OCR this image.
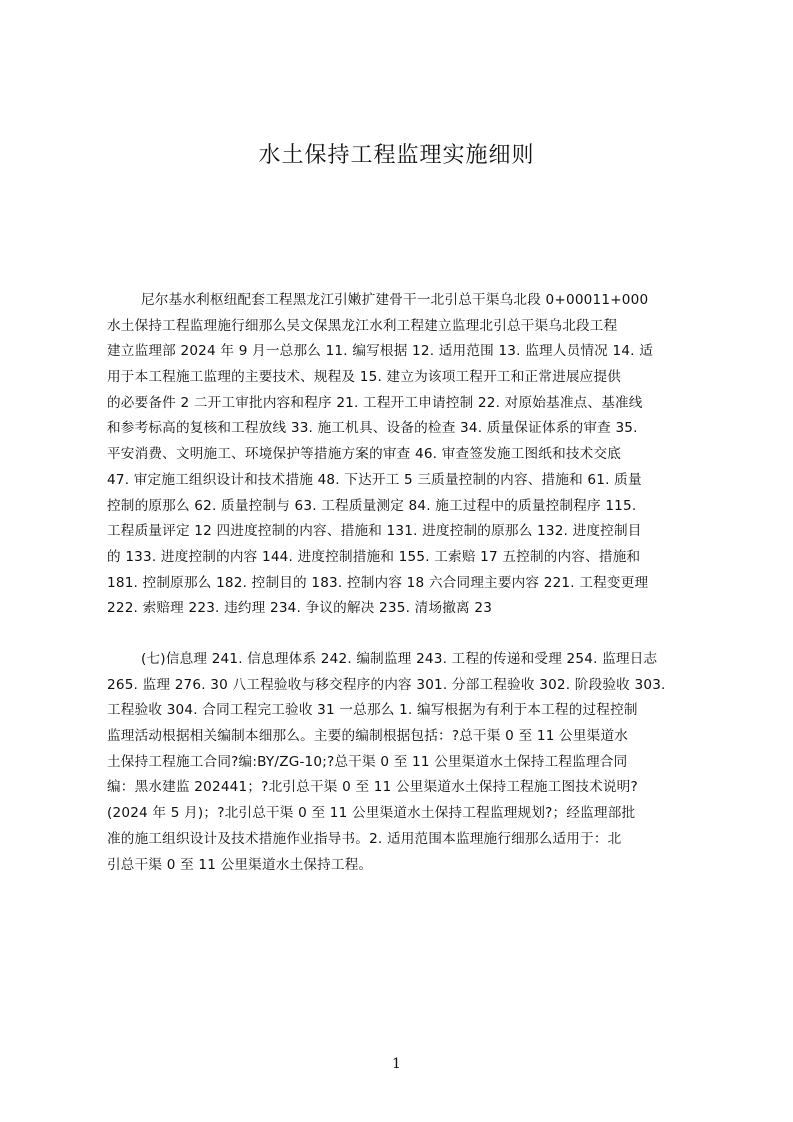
水土保持工程监理实施细则
尼尔基水利枢纽配套工程黑龙江引嫩扩建骨干一北引总干渠乌北段 0+00011+000
水土保持工程监理施行细那么吴文保黑龙江水利工程建立监理北引总干渠乌北段工程
建立监理部 2024 年 9 月一总那么 11. 编写根据 12. 适用范围 13. 监理人员情况 14. 适
用于本工程施工监理的主要技术、规程及 15. 建立为该项工程开工和正常进展应提供
的必要备件 2 二开工审批内容和程序 21. 工程开工申请控制 22. 对原始基准点、基准线
和参考标高的复核和工程放线 33. 施工机具、设备的检查 34. 质量保证体系的审查 35.
平安消费、文明施工、环境保护等措施方案的审查 46. 审查签发施工图纸和技术交底
47. 审定施工组织设计和技术措施 48. 下达开工 5 三质量控制的内容、措施和 61. 质量
控制的原那么 62. 质量控制与 63. 工程质量测定 84. 施工过程中的质量控制程序 115.
工程质量评定 12 四进度控制的内容、措施和 131. 进度控制的原那么 132. 进度控制目
的 133. 进度控制的内容 144. 进度控制措施和 155. 工索赔 17 五控制的内容、措施和
181. 控制原那么 182. 控制目的 183. 控制内容 18 六合同理主要内容 221. 工程变更理
222. 索赔理 223. 违约理 234. 争议的解决 235. 清场撤离 23
(七)信息理 241. 信息理体系 242. 编制监理 243. 工程的传递和受理 254. 监理日志
265. 监理 276. 30 八工程验收与移交程序的内容 301. 分部工程验收 302. 阶段验收 303.
工程验收 304. 合同工程完工验收 31 一总那么 1. 编写根据为有利于本工程的过程控制
监理活动根据相关编制本细那么。主要的编制根据包括：?总干渠 0 至 11 公里渠道水
土保持工程施工合同?编:BY/ZG-10;?总干渠 0 至 11 公里渠道水土保持工程监理合同
编：黑水建监 202441；?北引总干渠 0 至 11 公里渠道水土保持工程施工图技术说明?
(2024 年 5 月)；?北引总干渠 0 至 11 公里渠道水土保持工程监理规划?；经监理部批
准的施工组织设计及技术措施作业指导书。2. 适用范围本监理施行细那么适用于：北
引总干渠 0 至 11 公里渠道水土保持工程。
1
